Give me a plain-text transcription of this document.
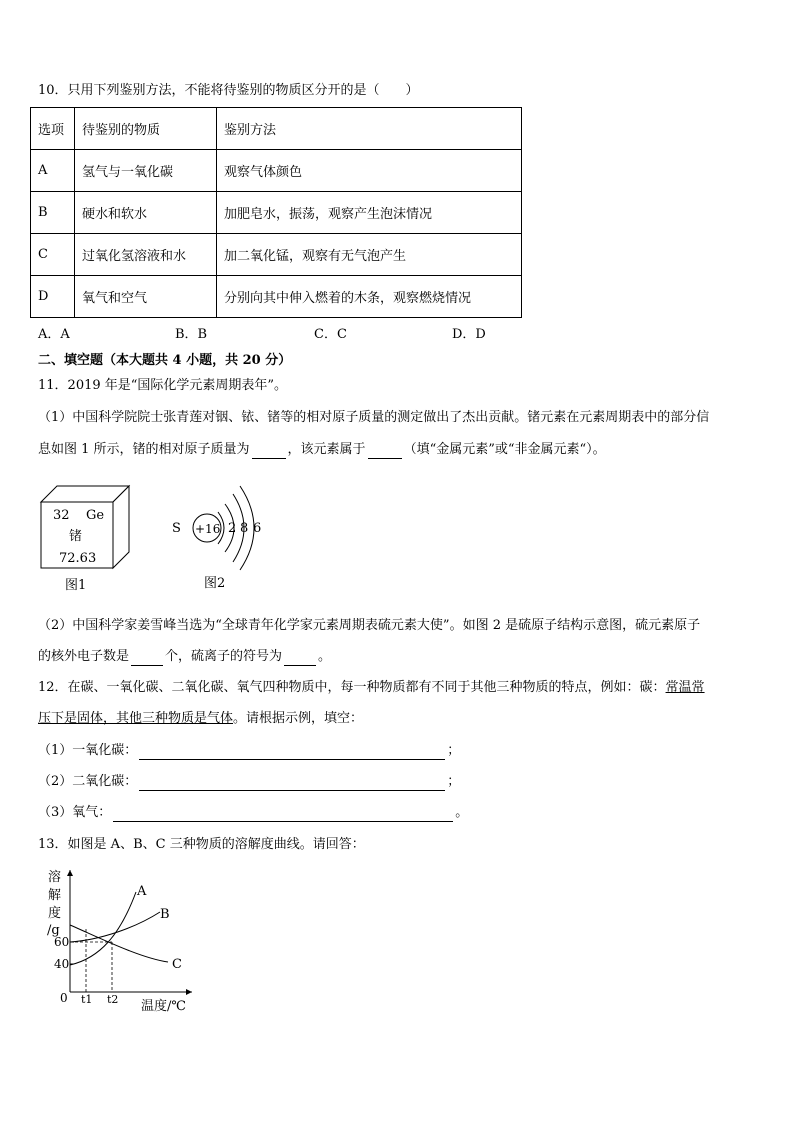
10．只用下列鉴别方法，不能将待鉴别的物质区分开的是（　　）
选项	待鉴别的物质	鉴别方法
A	氢气与一氧化碳	观察气体颜色
B	硬水和软水	加肥皂水，振荡，观察产生泡沫情况
C	过氧化氢溶液和水	加二氧化锰，观察有无气泡产生
D	氧气和空气	分别向其中伸入燃着的木条，观察燃烧情况
A．A	B．B	C．C	D．D
二、填空题（本大题共 4 小题，共 20 分）
11．2019 年是“国际化学元素周期表年”。
（1）中国科学院院士张青莲对铟、铱、锗等的相对原子质量的测定做出了杰出贡献。锗元素在元素周期表中的部分信
息如图 1 所示，锗的相对原子质量为	，该元素属于	（填“金属元素”或“非金属元素“）。
32 Ge
锗
72.63
图1
S +16 2 8 6
图2
（2）中国科学家姜雪峰当选为“全球青年化学家元素周期表硫元素大使”。如图 2 是硫原子结构示意图，硫元素原子
的核外电子数是	个，硫离子的符号为	。
12．在碳、一氧化碳、二氧化碳、氧气四种物质中，每一种物质都有不同于其他三种物质的特点，例如：碳：常温常
压下是固体，其他三种物质是气体。请根据示例，填空：
（1）一氧化碳：	；
（2）二氧化碳：	；
（3）氧气：	。
13．如图是 A、B、C 三种物质的溶解度曲线。请回答：
溶
解
度
/g
A
B
C
60
40
0 t1 t2 温度/℃
